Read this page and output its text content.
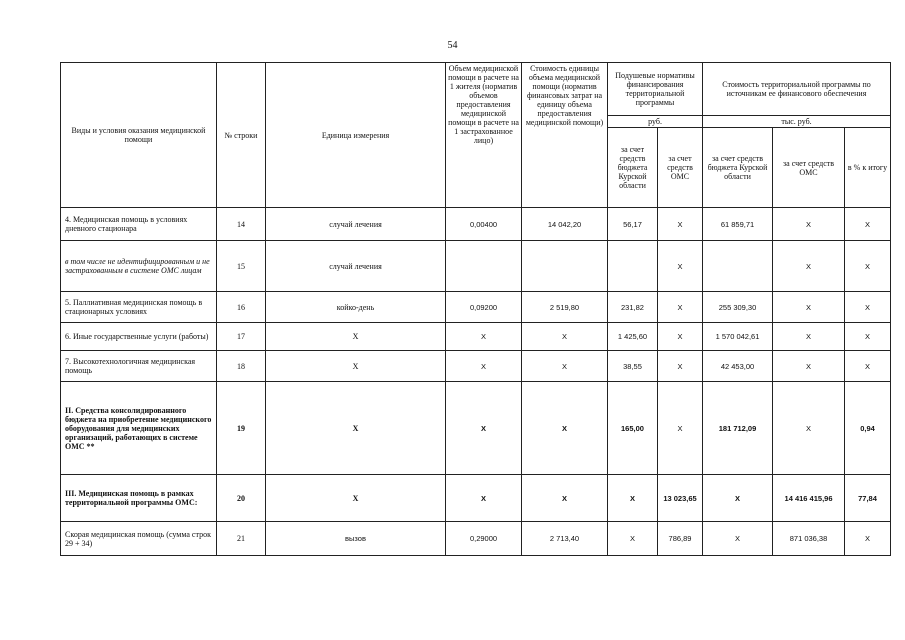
54
Виды и условия оказания медицинской помощи	№ строки	Единица измерения	Объем медицинской помощи в расчете на 1 жителя (норматив объемов предоставления медицинской помощи в расчете на 1 застрахованное лицо)	Стоимость единицы объема медицинской помощи (норматив финансовых затрат на единицу объема предоставления медицинской помощи)	Подушевые нормативы финансирования территориальной программы		Стоимость территориальной программы по источникам ее финансового обеспечения		
					руб.		тыс. руб.		
					за счет средств бюджета Курской области	за счет средств ОМС	за счет средств бюджета Курской области	за счет средств ОМС	в % к итогу
4. Медицинская помощь в условиях дневного стационара	14	случай лечения	0,00400	14 042,20	56,17	Х	61 859,71	Х	Х
в том числе не идентифицированным и не застрахованным в системе ОМС лицам	15	случай лечения				Х		Х	Х
5. Паллиативная медицинская помощь в стационарных условиях	16	койко-день	0,09200	2 519,80	231,82	Х	255 309,30	Х	Х
6. Иные государственные услуги (работы)	17	Х	Х	Х	1 425,60	Х	1 570 042,61	Х	Х
7. Высокотехнологичная медицинская помощь	18	Х	Х	Х	38,55	Х	42 453,00	Х	Х
II. Средства консолидированного бюджета на приобретение медицинского оборудования для медицинских организаций, работающих в системе ОМС **	19	Х	Х	Х	165,00	Х	181 712,09	Х	0,94
III. Медицинская помощь в рамках территориальной программы ОМС:	20	Х	Х	Х	Х	13 023,65	Х	14 416 415,96	77,84
Скорая медицинская помощь (сумма строк 29 + 34)	21	вызов	0,29000	2 713,40	Х	786,89	Х	871 036,38	Х
